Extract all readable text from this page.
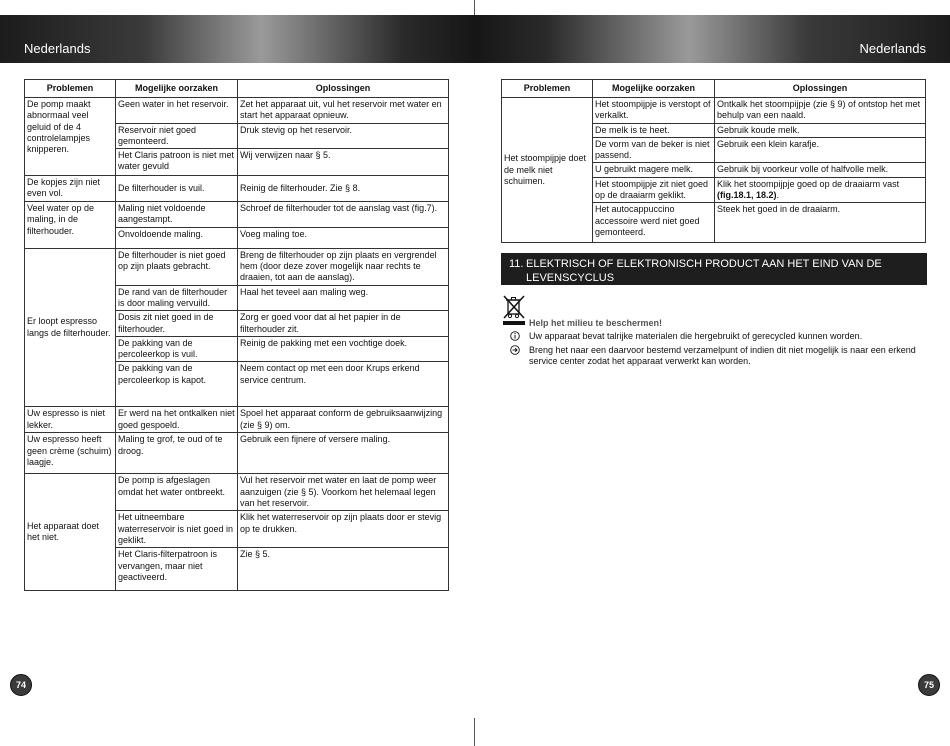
Nederlands	Nederlands
Problemen	Mogelijke oorzaken	Oplossingen
De pomp maakt abnormaal veel geluid of de 4 controlelampjes knipperen.	Geen water in het reservoir.	Zet het apparaat uit, vul het reservoir met water en start het apparaat opnieuw.
	Reservoir niet goed gemonteerd.	Druk stevig op het reservoir.
	Het Claris patroon is niet met water gevuld	Wij verwijzen naar § 5.
De kopjes zijn niet even vol.	De filterhouder is vuil.	Reinig de filterhouder. Zie § 8.
Veel water op de maling, in de filterhouder.	Maling niet voldoende aangestampt.	Schroef de filterhouder tot de aanslag vast (fig.7).
	Onvoldoende maling.	Voeg maling toe.
Er loopt espresso langs de filterhouder.	De filterhouder is niet goed op zijn plaats gebracht.	Breng de filterhouder op zijn plaats en vergrendel hem (door deze zover mogelijk naar rechts te draaien, tot aan de aanslag).
	De rand van de filterhouder is door maling vervuild.	Haal het teveel aan maling weg.
	Dosis zit niet goed in de filterhouder.	Zorg er goed voor dat al het papier in de filterhouder zit.
	De pakking van de percoleerkop is vuil.	Reinig de pakking met een vochtige doek.
	De pakking van de percoleerkop is kapot.	Neem contact op met een door Krups erkend service centrum.
Uw espresso is niet lekker.	Er werd na het ontkalken niet goed gespoeld.	Spoel het apparaat conform de gebruiksaanwijzing (zie § 9) om.
Uw espresso heeft geen crème (schuim) laagje.	Maling te grof, te oud of te droog.	Gebruik een fijnere of versere maling.
Het apparaat doet het niet.	De pomp is afgeslagen omdat het water ontbreekt.	Vul het reservoir met water en laat de pomp weer aanzuigen (zie § 5). Voorkom het helemaal legen van het reservoir.
	Het uitneembare waterreservoir is niet goed in geklikt.	Klik het waterreservoir op zijn plaats door er stevig op te drukken.
	Het Claris-filterpatroon is vervangen, maar niet geactiveerd.	Zie § 5.
Problemen	Mogelijke oorzaken	Oplossingen
Het stoompijpje doet de melk niet schuimen.	Het stoompijpje is verstopt of verkalkt.	Ontkalk het stoompijpje (zie § 9) of ontstop het met behulp van een naald.
	De melk is te heet.	Gebruik koude melk.
	De vorm van de beker is niet passend.	Gebruik een klein karafje.
	U gebruikt magere melk.	Gebruik bij voorkeur volle of halfvolle melk.
	Het stoompijpje zit niet goed op de draaiarm geklikt.	Klik het stoompijpje goed op de draaiarm vast (fig.18.1, 18.2).
	Het autocappuccino accessoire werd niet goed gemonteerd.	Steek het goed in de draaiarm.
11. ELEKTRISCH OF ELEKTRONISCH PRODUCT AAN HET EIND VAN DE LEVENSCYCLUS
Help het milieu te beschermen!
Uw apparaat bevat talrijke materialen die hergebruikt of gerecycled kunnen worden.
Breng het naar een daarvoor bestemd verzamelpunt of indien dit niet mogelijk is naar een erkend service center zodat het apparaat verwerkt kan worden.
74	75
